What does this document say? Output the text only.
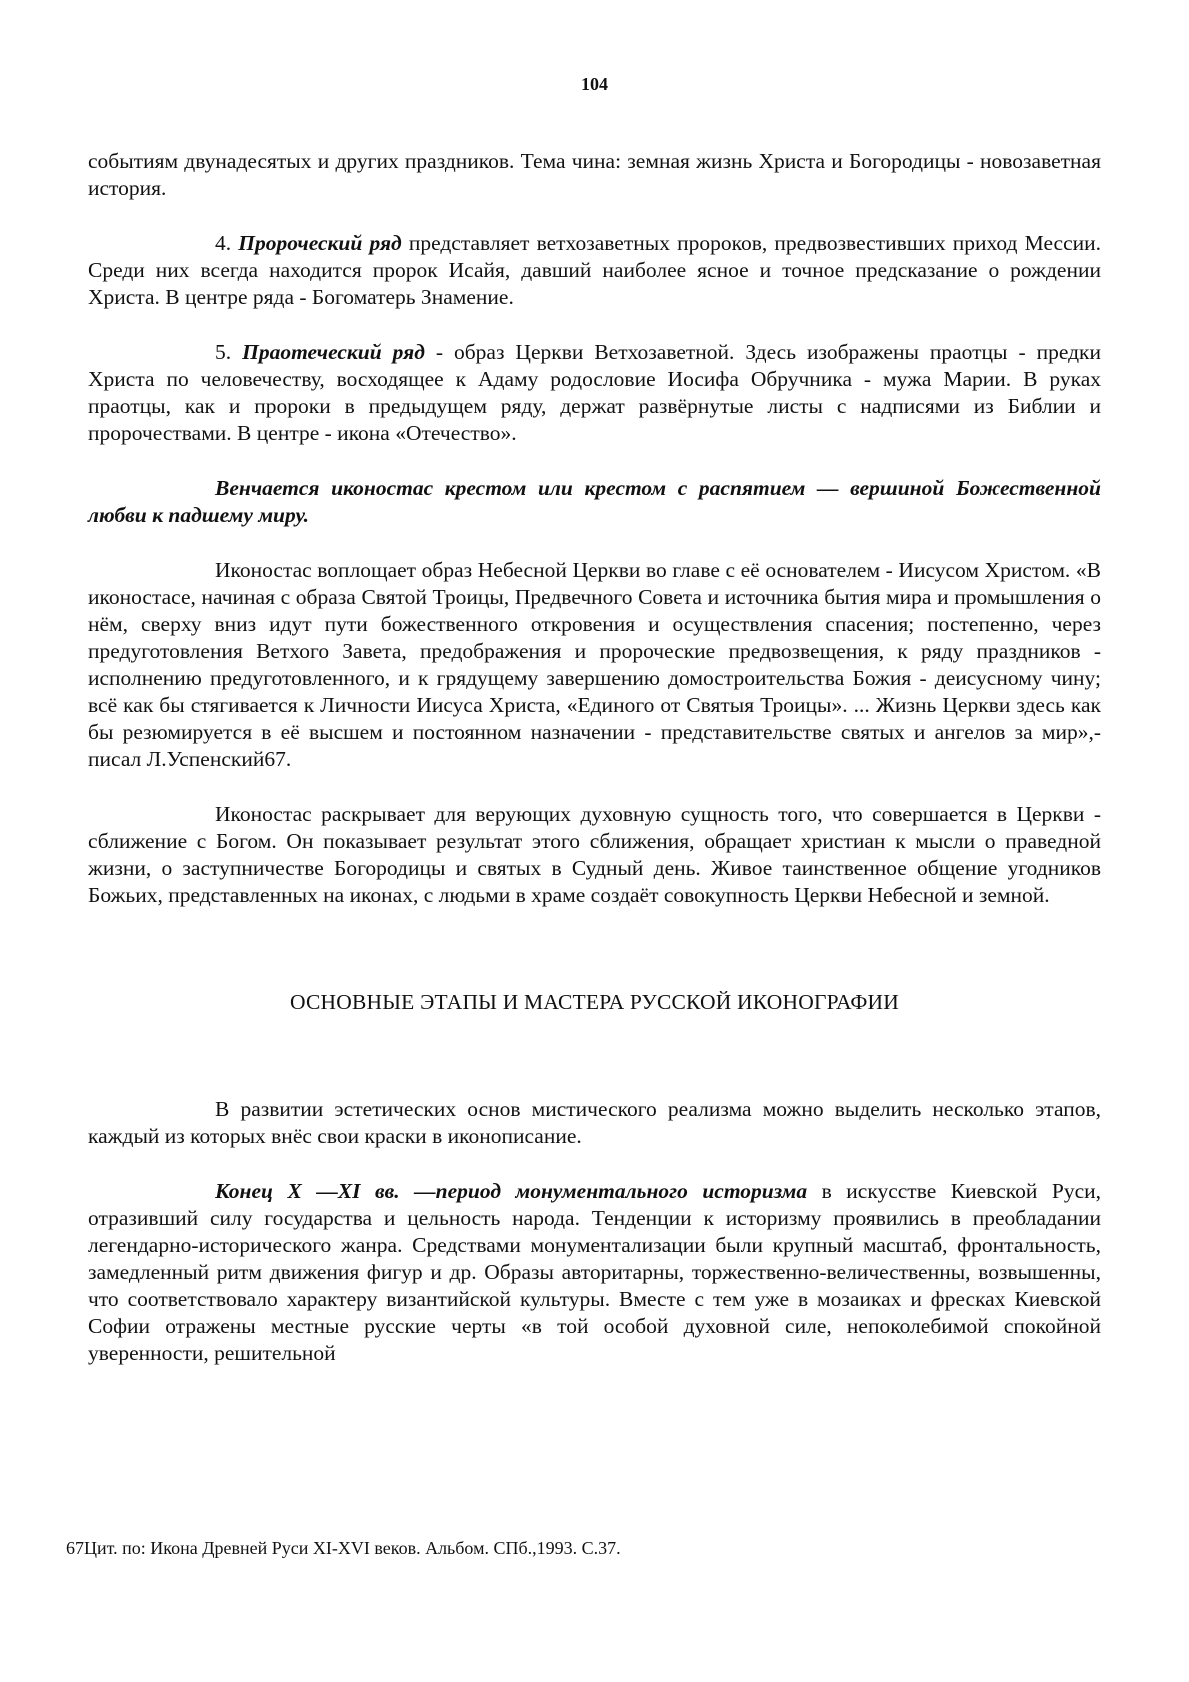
104

событиям двунадесятых и других праздников. Тема чина: земная жизнь Христа и Богородицы - новозаветная история.

4. Пророческий ряд представляет ветхозаветных пророков, предвозвестивших приход Мессии. Среди них всегда находится пророк Исайя, давший наиболее ясное и точное предсказание о рождении Христа. В центре ряда - Богоматерь Знамение.

5. Праотеческий ряд - образ Церкви Ветхозаветной. Здесь изображены праотцы - предки Христа по человечеству, восходящее к Адаму родословие Иосифа Обручника - мужа Марии. В руках праотцы, как и пророки в предыдущем ряду, держат развёрнутые листы с надписями из Библии и пророчествами. В центре - икона «Отечество».

Венчается иконостас крестом или крестом с распятием — вершиной Божественной любви к падшему миру.

Иконостас воплощает образ Небесной Церкви во главе с её основателем - Иисусом Христом. «В иконостасе, начиная с образа Святой Троицы, Предвечного Совета и источника бытия мира и промышления о нём, сверху вниз идут пути божественного откровения и осуществления спасения; постепенно, через предуготовления Ветхого Завета, предображения и пророческие предвозвещения, к ряду праздников - исполнению предуготовленного, и к грядущему завершению домостроительства Божия - деисусному чину; всё как бы стягивается к Личности Иисуса Христа, «Единого от Святыя Троицы». ... Жизнь Церкви здесь как бы резюмируется в её высшем и постоянном назначении - представительстве святых и ангелов за мир»,- писал Л.Успенский67.

Иконостас раскрывает для верующих духовную сущность того, что совершается в Церкви - сближение с Богом. Он показывает результат этого сближения, обращает христиан к мысли о праведной жизни, о заступничестве Богородицы и святых в Судный день. Живое таинственное общение угодников Божьих, представленных на иконах, с людьми в храме создаёт совокупность Церкви Небесной и земной.

ОСНОВНЫЕ ЭТАПЫ И МАСТЕРА РУССКОЙ ИКОНОГРАФИИ

В развитии эстетических основ мистического реализма можно выделить несколько этапов, каждый из которых внёс свои краски в иконописание.

Конец X —XI вв. —период монументального историзма в искусстве Киевской Руси, отразивший силу государства и цельность народа. Тенденции к историзму проявились в преобладании легендарно-исторического жанра. Средствами монументализации были крупный масштаб, фронтальность, замедленный ритм движения фигур и др. Образы авторитарны, торжественно-величественны, возвышенны, что соответствовало характеру византийской культуры. Вместе с тем уже в мозаиках и фресках Киевской Софии отражены местные русские черты «в той особой духовной силе, непоколебимой спокойной уверенности, решительной

67Цит. по: Икона Древней Руси XI-XVI веков. Альбом. СПб.,1993. С.37.
